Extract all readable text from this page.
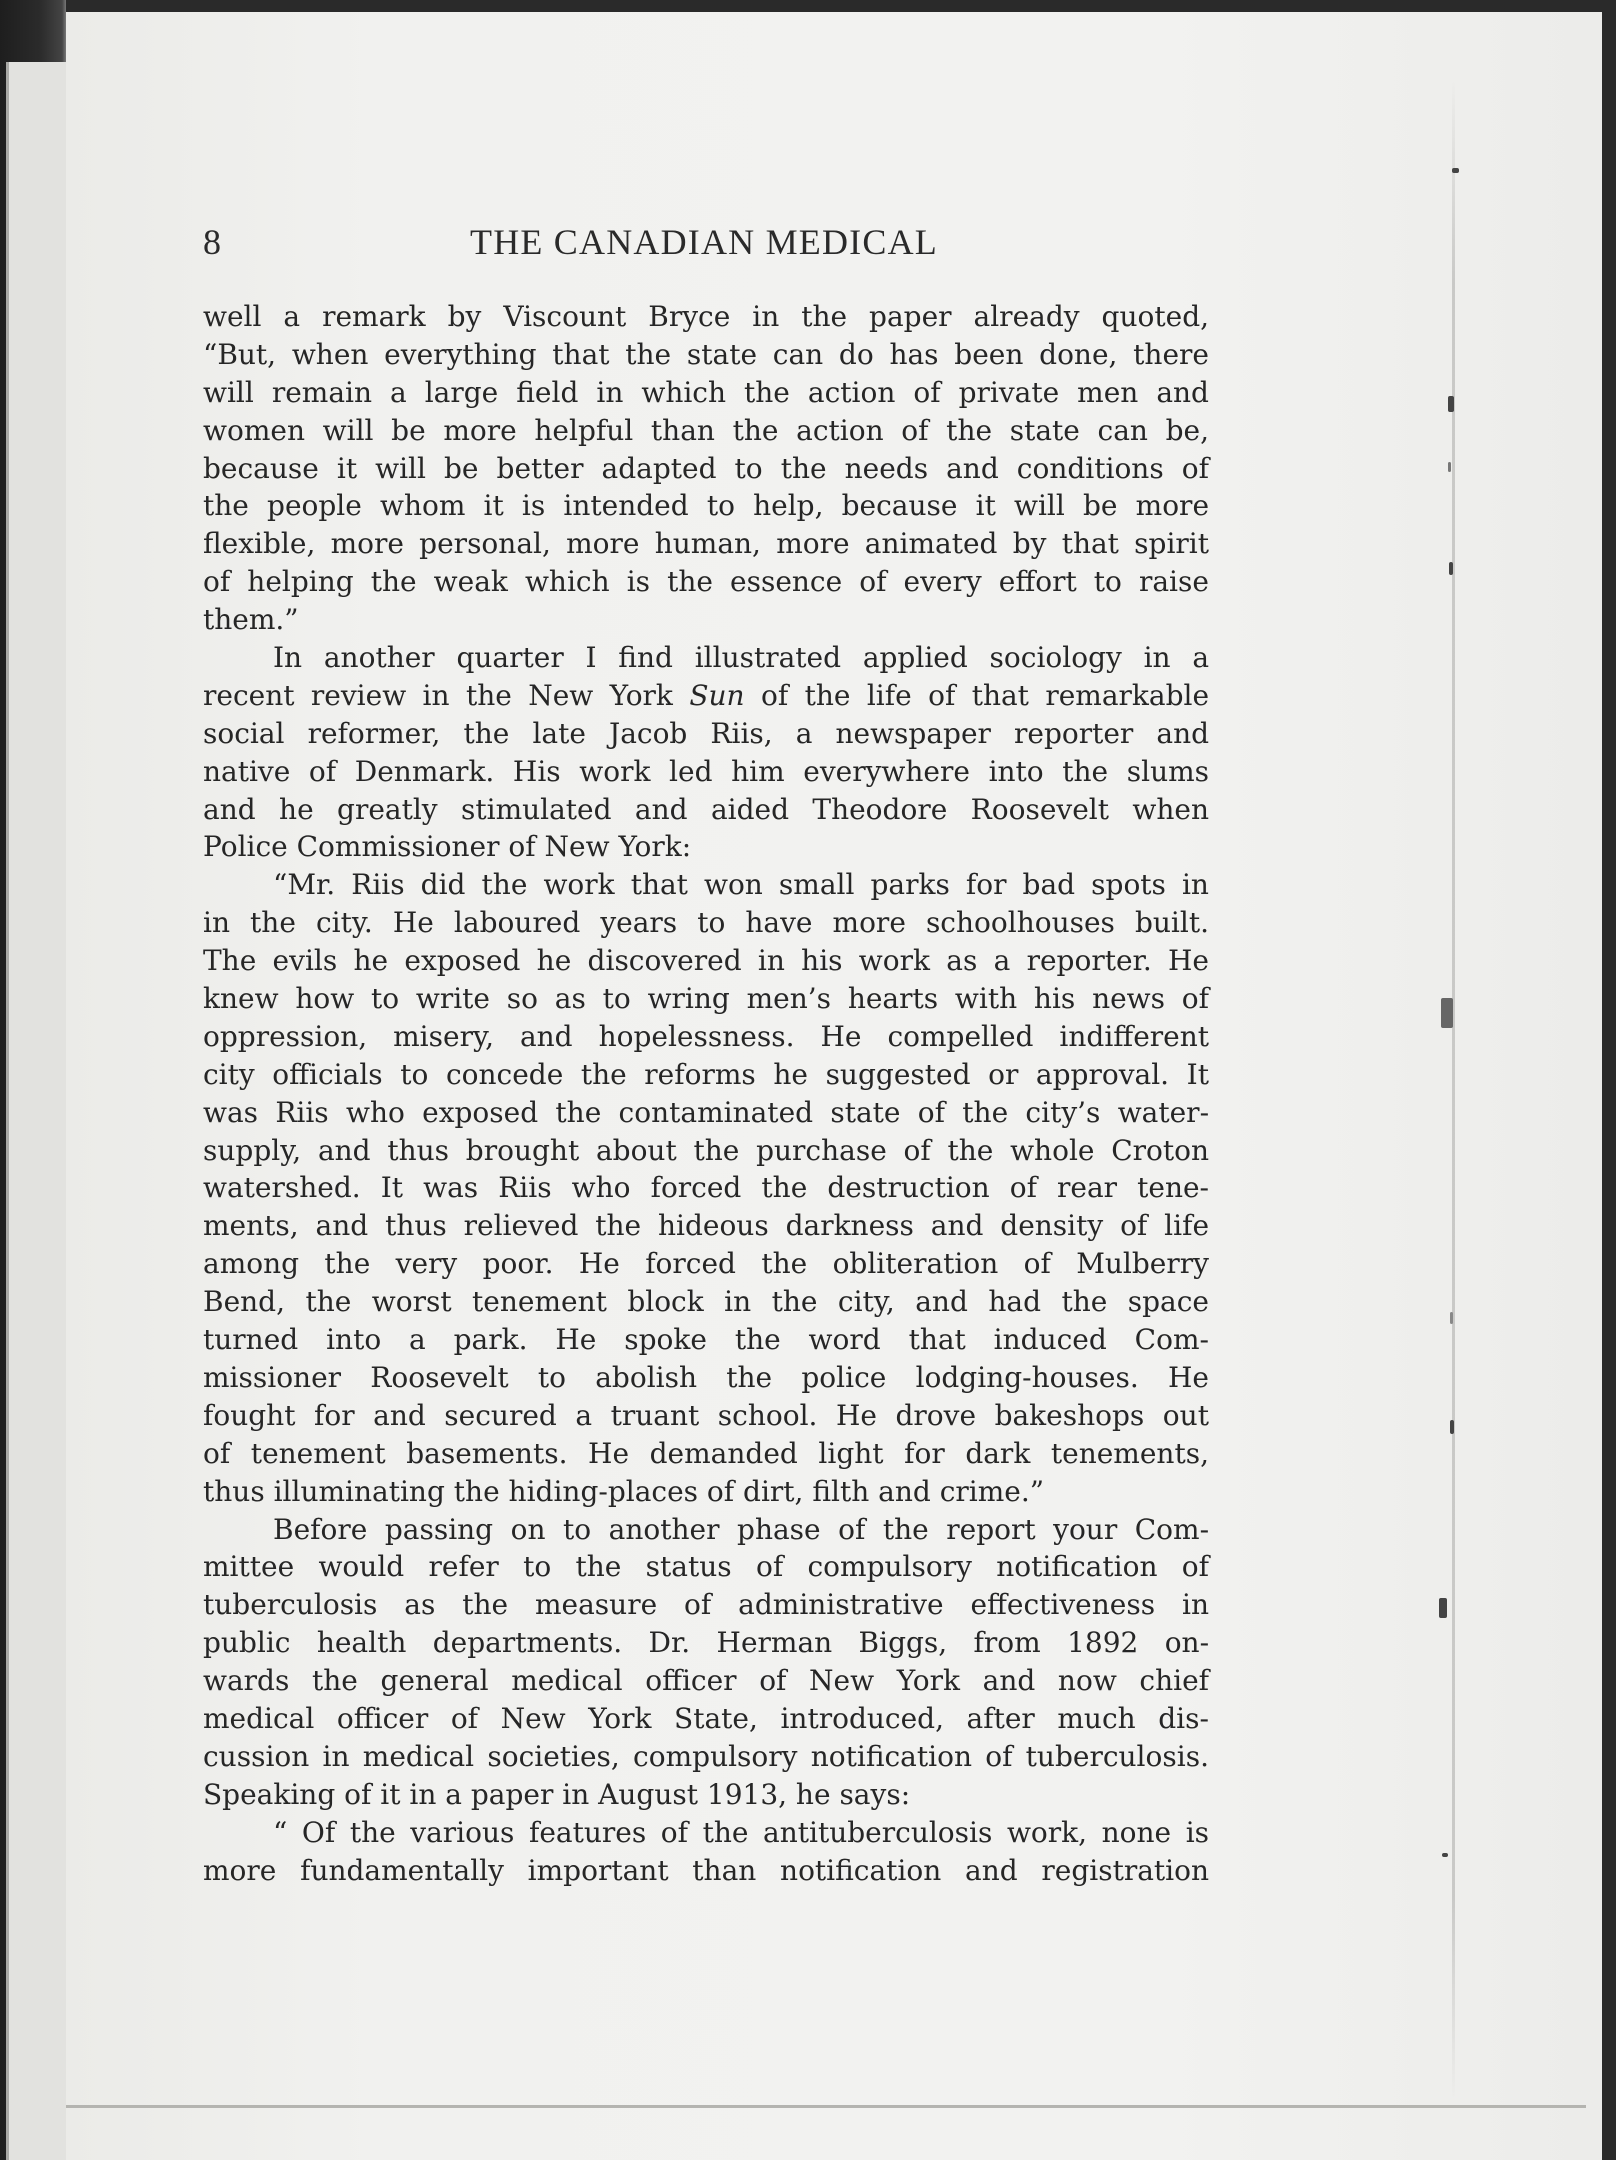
8	THE CANADIAN MEDICAL
well a remark by Viscount Bryce in the paper already quoted,
“But, when everything that the state can do has been done, there
will remain a large field in which the action of private men and
women will be more helpful than the action of the state can be,
because it will be better adapted to the needs and conditions of
the people whom it is intended to help, because it will be more
flexible, more personal, more human, more animated by that spirit
of helping the weak which is the essence of every effort to raise
them.”
In another quarter I find illustrated applied sociology in a
recent review in the New York Sun of the life of that remarkable
social reformer, the late Jacob Riis, a newspaper reporter and
native of Denmark. His work led him everywhere into the slums
and he greatly stimulated and aided Theodore Roosevelt when
Police Commissioner of New York:
“Mr. Riis did the work that won small parks for bad spots in
in the city. He laboured years to have more schoolhouses built.
The evils he exposed he discovered in his work as a reporter. He
knew how to write so as to wring men’s hearts with his news of
oppression, misery, and hopelessness. He compelled indifferent
city officials to concede the reforms he suggested or approval. It
was Riis who exposed the contaminated state of the city’s water-
supply, and thus brought about the purchase of the whole Croton
watershed. It was Riis who forced the destruction of rear tene-
ments, and thus relieved the hideous darkness and density of life
among the very poor. He forced the obliteration of Mulberry
Bend, the worst tenement block in the city, and had the space
turned into a park. He spoke the word that induced Com-
missioner Roosevelt to abolish the police lodging-houses. He
fought for and secured a truant school. He drove bakeshops out
of tenement basements. He demanded light for dark tenements,
thus illuminating the hiding-places of dirt, filth and crime.”
Before passing on to another phase of the report your Com-
mittee would refer to the status of compulsory notification of
tuberculosis as the measure of administrative effectiveness in
public health departments. Dr. Herman Biggs, from 1892 on-
wards the general medical officer of New York and now chief
medical officer of New York State, introduced, after much dis-
cussion in medical societies, compulsory notification of tuberculosis.
Speaking of it in a paper in August 1913, he says:
“ Of the various features of the antituberculosis work, none is
more fundamentally important than notification and registration
